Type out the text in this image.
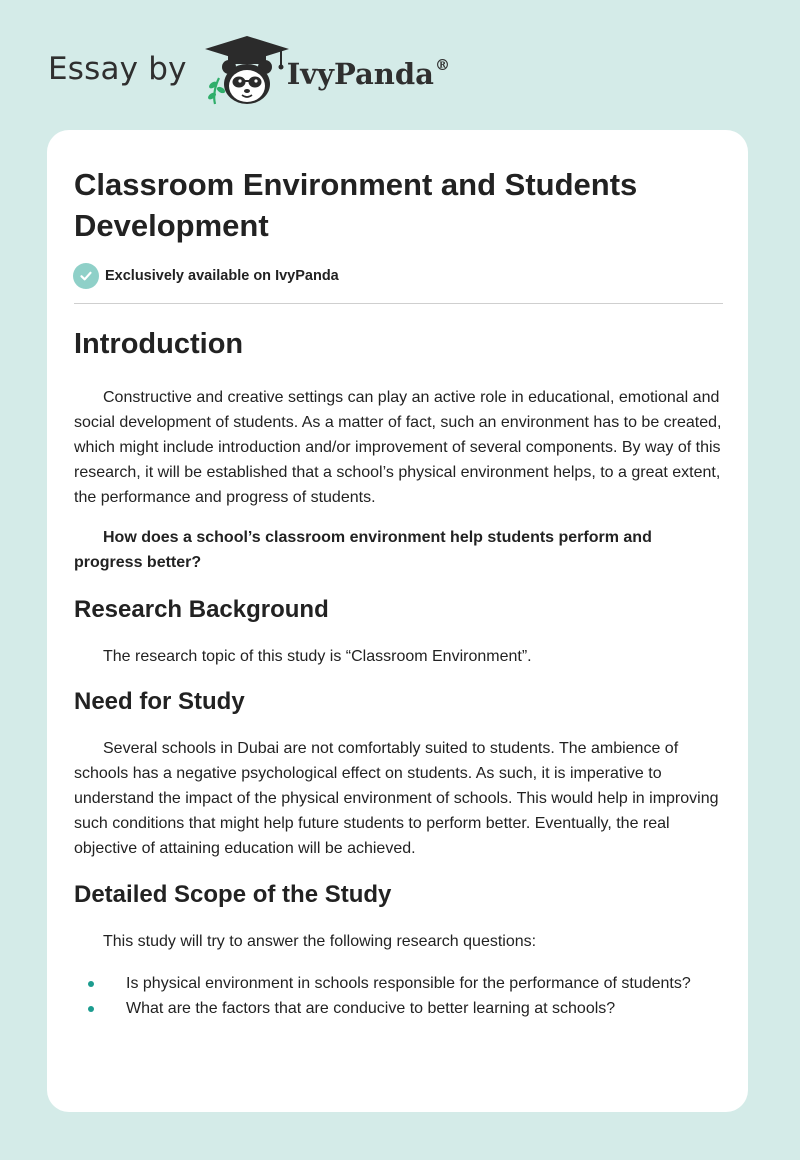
Essay by	IvyPanda®
Classroom Environment and Students Development
Exclusively available on IvyPanda
Introduction

Constructive and creative settings can play an active role in educational, emotional and social development of students. As a matter of fact, such an environment has to be created, which might include introduction and/or improvement of several components. By way of this research, it will be established that a school’s physical environment helps, to a great extent, the performance and progress of students.

How does a school’s classroom environment help students perform and progress better?

Research Background

The research topic of this study is “Classroom Environment”.

Need for Study

Several schools in Dubai are not comfortably suited to students. The ambience of schools has a negative psychological effect on students. As such, it is imperative to understand the impact of the physical environment of schools. This would help in improving such conditions that might help future students to perform better. Eventually, the real objective of attaining education will be achieved.

Detailed Scope of the Study

This study will try to answer the following research questions:

Is physical environment in schools responsible for the performance of students?
What are the factors that are conducive to better learning at schools?
